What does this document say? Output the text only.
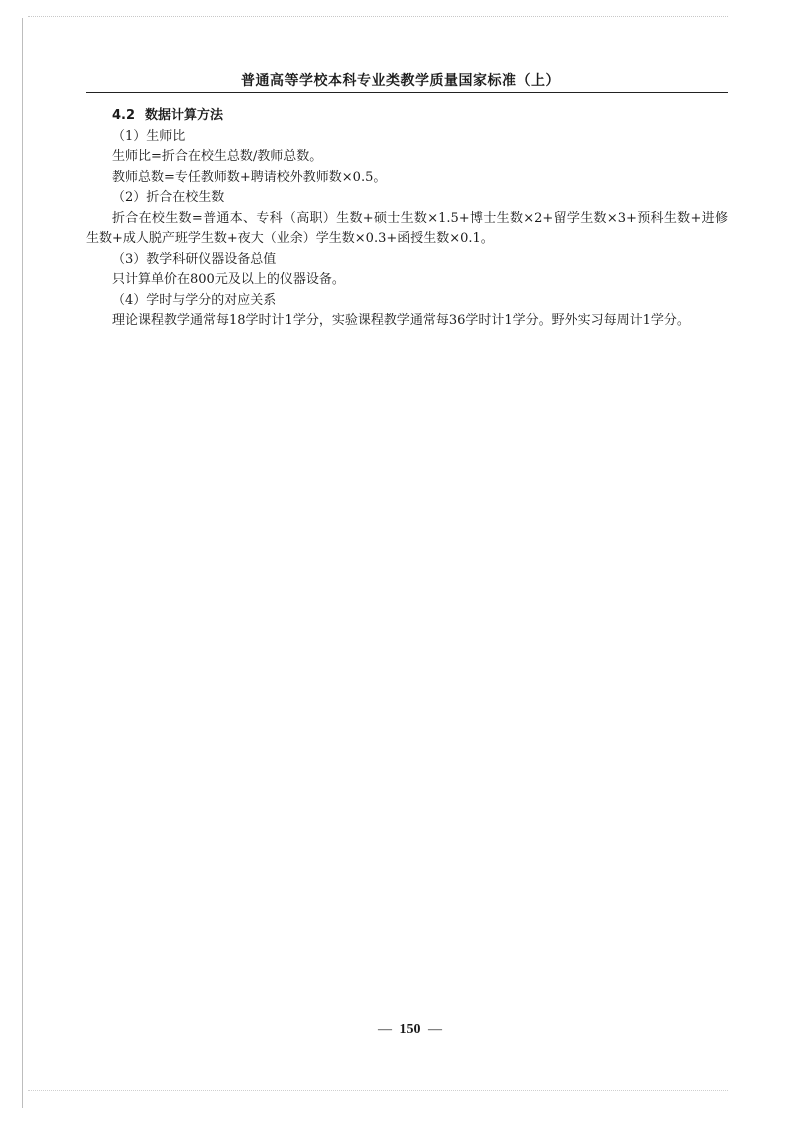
普通高等学校本科专业类教学质量国家标准（上）

4.2 数据计算方法

（1）生师比

生师比=折合在校生总数/教师总数。

教师总数=专任教师数+聘请校外教师数×0.5。

（2）折合在校生数

折合在校生数=普通本、专科（高职）生数+硕士生数×1.5+博士生数×2+留学生数×3+预科生数+进修生数+成人脱产班学生数+夜大（业余）学生数×0.3+函授生数×0.1。

（3）教学科研仪器设备总值

只计算单价在800元及以上的仪器设备。

（4）学时与学分的对应关系

理论课程教学通常每18学时计1学分，实验课程教学通常每36学时计1学分。野外实习每周计1学分。

— 150 —
